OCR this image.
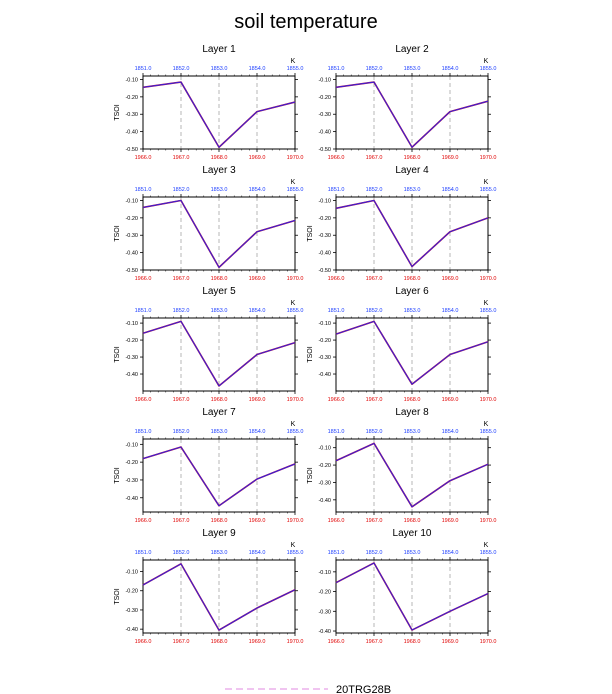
soil temperature
Layer 1
K
1966.0
1851.0
1967.0
1852.0
1968.0
1853.0
1969.0
1854.0
1970.0
1855.0
-0.10
-0.20
-0.30
-0.40
-0.50
TSOI
Layer 2
K
1966.0
1851.0
1967.0
1852.0
1968.0
1853.0
1969.0
1854.0
1970.0
1855.0
-0.10
-0.20
-0.30
-0.40
-0.50
Layer 3
K
1966.0
1851.0
1967.0
1852.0
1968.0
1853.0
1969.0
1854.0
1970.0
1855.0
-0.10
-0.20
-0.30
-0.40
-0.50
TSOI
Layer 4
K
1966.0
1851.0
1967.0
1852.0
1968.0
1853.0
1969.0
1854.0
1970.0
1855.0
-0.10
-0.20
-0.30
-0.40
-0.50
TSOI
Layer 5
K
1966.0
1851.0
1967.0
1852.0
1968.0
1853.0
1969.0
1854.0
1970.0
1855.0
-0.10
-0.20
-0.30
-0.40
TSOI
Layer 6
K
1966.0
1851.0
1967.0
1852.0
1968.0
1853.0
1969.0
1854.0
1970.0
1855.0
-0.10
-0.20
-0.30
-0.40
TSOI
Layer 7
K
1966.0
1851.0
1967.0
1852.0
1968.0
1853.0
1969.0
1854.0
1970.0
1855.0
-0.10
-0.20
-0.30
-0.40
TSOI
Layer 8
K
1966.0
1851.0
1967.0
1852.0
1968.0
1853.0
1969.0
1854.0
1970.0
1855.0
-0.10
-0.20
-0.30
-0.40
TSOI
Layer 9
K
1966.0
1851.0
1967.0
1852.0
1968.0
1853.0
1969.0
1854.0
1970.0
1855.0
-0.10
-0.20
-0.30
-0.40
TSOI
Layer 10
K
1966.0
1851.0
1967.0
1852.0
1968.0
1853.0
1969.0
1854.0
1970.0
1855.0
-0.10
-0.20
-0.30
-0.40
20TRG28B
